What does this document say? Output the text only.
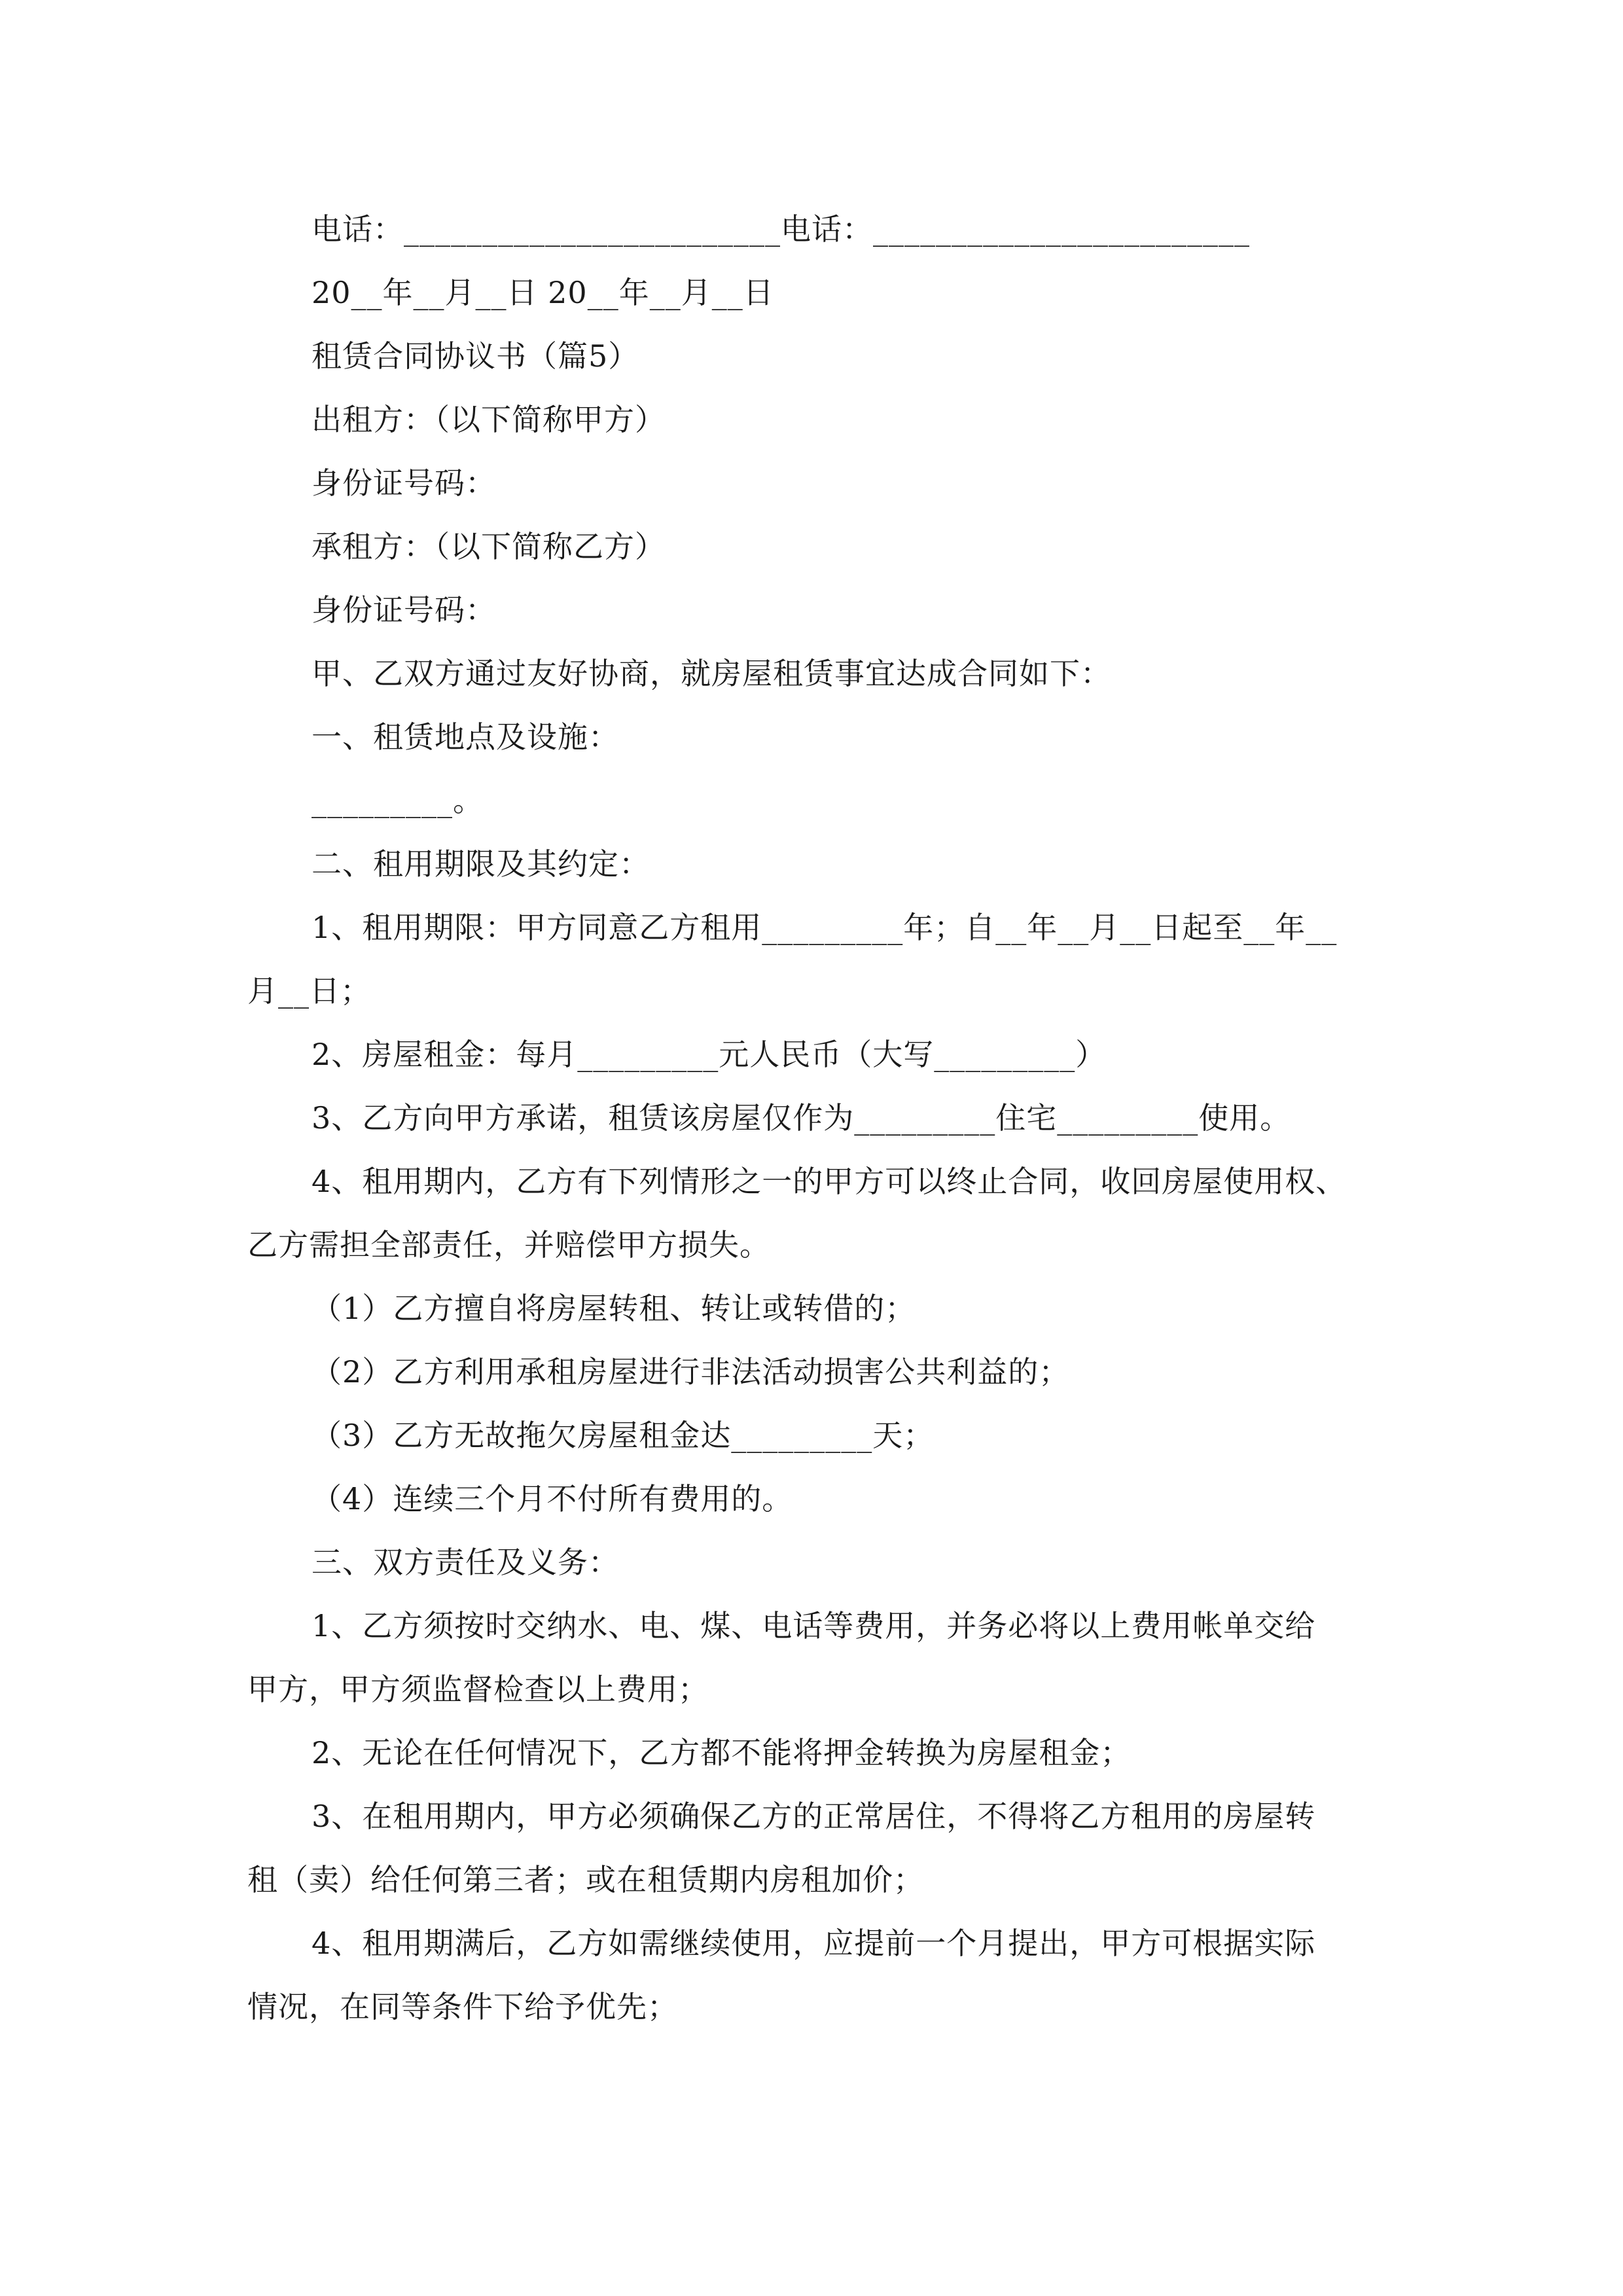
电话：________________________电话：________________________
20__年__月__日 20__年__月__日
租赁合同协议书（篇5）
出租方：（以下简称甲方）
身份证号码：
承租方：（以下简称乙方）
身份证号码：
甲、乙双方通过友好协商，就房屋租赁事宜达成合同如下：
一、租赁地点及设施：
_________。
二、租用期限及其约定：
1、租用期限：甲方同意乙方租用_________年；自__年__月__日起至__年__
月__日；
2、房屋租金：每月_________元人民币（大写_________）
3、乙方向甲方承诺，租赁该房屋仅作为_________住宅_________使用。
4、租用期内，乙方有下列情形之一的甲方可以终止合同，收回房屋使用权、
乙方需担全部责任，并赔偿甲方损失。
（1）乙方擅自将房屋转租、转让或转借的；
（2）乙方利用承租房屋进行非法活动损害公共利益的；
（3）乙方无故拖欠房屋租金达_________天；
（4）连续三个月不付所有费用的。
三、双方责任及义务：
1、乙方须按时交纳水、电、煤、电话等费用，并务必将以上费用帐单交给
甲方，甲方须监督检查以上费用；
2、无论在任何情况下，乙方都不能将押金转换为房屋租金；
3、在租用期内，甲方必须确保乙方的正常居住，不得将乙方租用的房屋转
租（卖）给任何第三者；或在租赁期内房租加价；
4、租用期满后，乙方如需继续使用，应提前一个月提出，甲方可根据实际
情况，在同等条件下给予优先；
